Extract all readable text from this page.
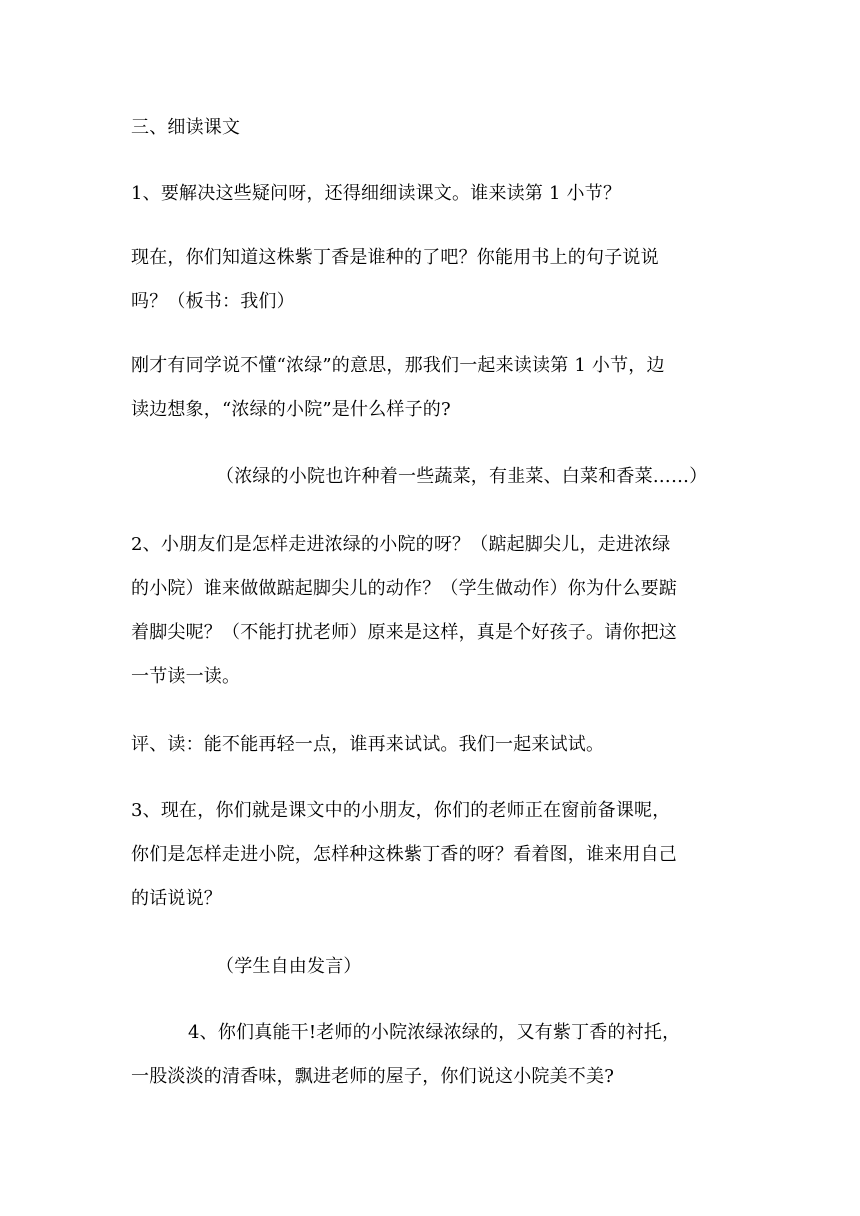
三、细读课文
1、要解决这些疑问呀，还得细细读课文。谁来读第 1 小节？
现在，你们知道这株紫丁香是谁种的了吧？你能用书上的句子说说
吗？（板书：我们）
刚才有同学说不懂“浓绿”的意思，那我们一起来读读第 1 小节，边
读边想象，“浓绿的小院”是什么样子的?
（浓绿的小院也许种着一些蔬菜，有韭菜、白菜和香菜……）
2、小朋友们是怎样走进浓绿的小院的呀？（踮起脚尖儿，走进浓绿
的小院）谁来做做踮起脚尖儿的动作？（学生做动作）你为什么要踮
着脚尖呢？（不能打扰老师）原来是这样，真是个好孩子。请你把这
一节读一读。
评、读：能不能再轻一点，谁再来试试。我们一起来试试。
3、现在，你们就是课文中的小朋友，你们的老师正在窗前备课呢，
你们是怎样走进小院，怎样种这株紫丁香的呀？看着图，谁来用自己
的话说说？
（学生自由发言）
4、你们真能干!老师的小院浓绿浓绿的，又有紫丁香的衬托，
一股淡淡的清香味，飘进老师的屋子，你们说这小院美不美?
